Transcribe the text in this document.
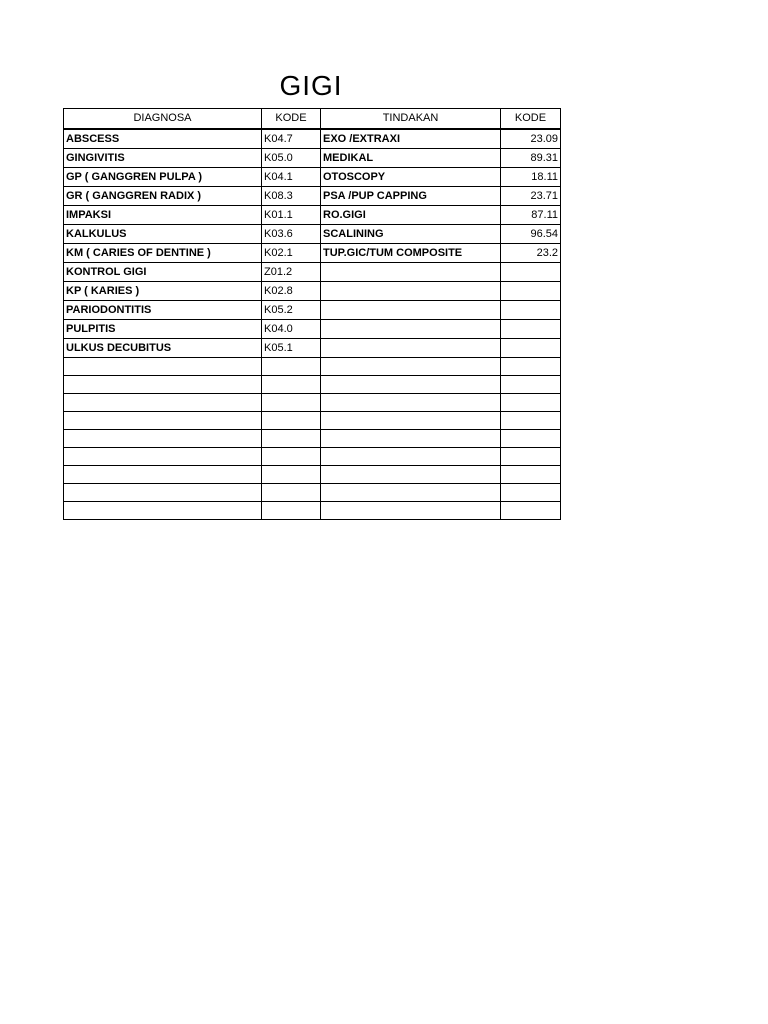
GIGI
DIAGNOSA	KODE	TINDAKAN	KODE
ABSCESS	K04.7	EXO /EXTRAXI	23.09
GINGIVITIS	K05.0	MEDIKAL	89.31
GP ( GANGGREN PULPA )	K04.1	OTOSCOPY	18.11
GR ( GANGGREN RADIX )	K08.3	PSA /PUP CAPPING	23.71
IMPAKSI	K01.1	RO.GIGI	87.11
KALKULUS	K03.6	SCALINING	96.54
KM ( CARIES OF DENTINE )	K02.1	TUP.GIC/TUM COMPOSITE	23.2
KONTROL GIGI	Z01.2		
KP ( KARIES )	K02.8		
PARIODONTITIS	K05.2		
PULPITIS	K04.0		
ULKUS DECUBITUS	K05.1		
